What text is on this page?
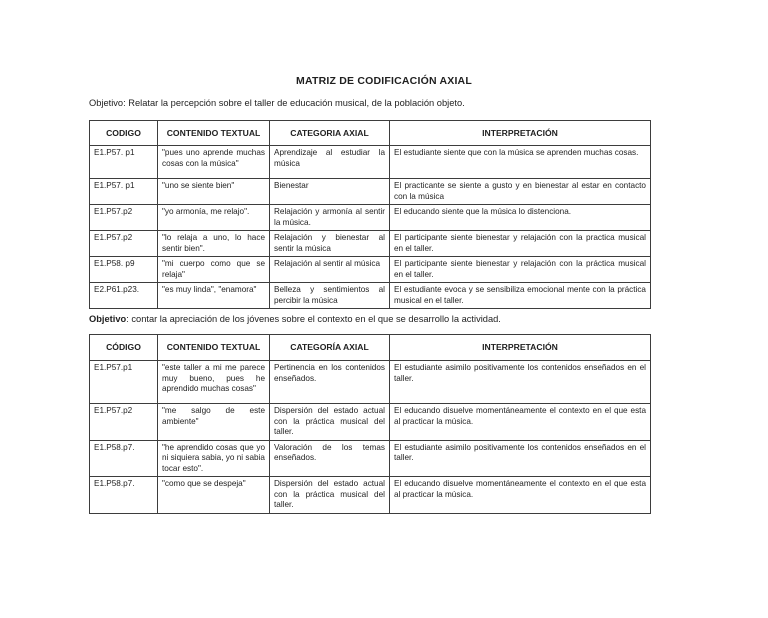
MATRIZ DE CODIFICACIÓN AXIAL

Objetivo: Relatar la percepción sobre el taller de educación musical, de la población objeto.

CODIGO	CONTENIDO TEXTUAL	CATEGORIA AXIAL	INTERPRETACIÓN
E1.P57. p1	"pues uno aprende muchas cosas con la música"	Aprendizaje al estudiar la música	El estudiante siente que con la música se aprenden muchas cosas.
E1.P57. p1	"uno se siente bien"	Bienestar	El practicante se siente a gusto y en bienestar al estar en contacto con la música
E1.P57.p2	"yo armonía, me relajo".	Relajación y armonía al sentir la música.	El educando siente que la música lo distenciona.
E1.P57.p2	"lo relaja a uno, lo hace sentir bien".	Relajación y bienestar al sentir la música	El participante siente bienestar y relajación con la practica musical en el taller.
E1.P58. p9	"mi cuerpo como que se relaja"	Relajación al sentir al música	El participante siente bienestar y relajación con la práctica musical en el taller.
E2.P61.p23.	"es muy linda", "enamora"	Belleza y sentimientos al percibir la música	El estudiante evoca y se sensibiliza emocional mente con la práctica musical en el taller.

Objetivo: contar la apreciación de los jóvenes sobre el contexto en el que se desarrollo la actividad.

CÓDIGO	CONTENIDO TEXTUAL	CATEGORÍA AXIAL	INTERPRETACIÓN
E1.P57.p1	"este taller a mi me parece muy bueno, pues he aprendido muchas cosas"	Pertinencia en los contenidos enseñados.	El estudiante asimilo positivamente los contenidos enseñados en el taller.
E1.P57.p2	"me salgo de este ambiente"	Dispersión del estado actual con la práctica musical del taller.	El educando disuelve momentáneamente el contexto en el que esta al practicar la música.
E1.P58.p7.	"he aprendido cosas que yo ni siquiera sabia, yo ni sabia tocar esto".	Valoración de los temas enseñados.	El estudiante asimilo positivamente los contenidos enseñados en el taller.
E1.P58.p7.	"como que se despeja"	Dispersión del estado actual con la práctica musical del taller.	El educando disuelve momentáneamente el contexto en el que esta al practicar la música.
